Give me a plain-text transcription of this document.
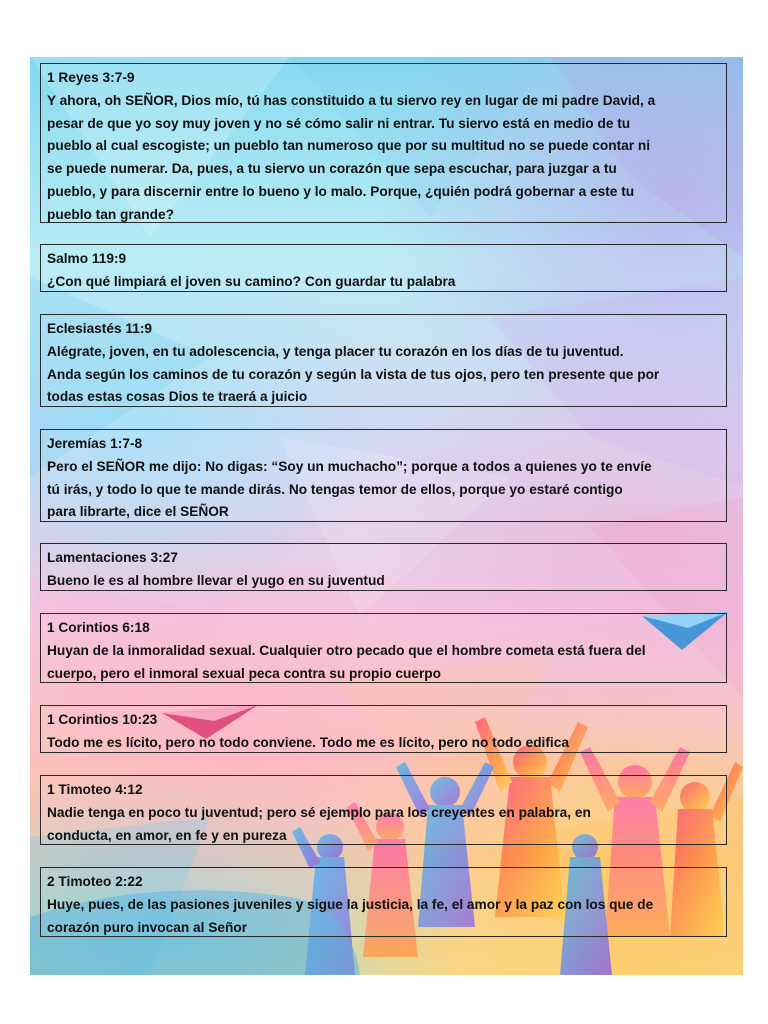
1 Reyes 3:7-9
Y ahora, oh SEÑOR, Dios mío, tú has constituido a tu siervo rey en lugar de mi padre David, a
pesar de que yo soy muy joven y no sé cómo salir ni entrar. Tu siervo está en medio de tu
pueblo al cual escogiste; un pueblo tan numeroso que por su multitud no se puede contar ni
se puede numerar. Da, pues, a tu siervo un corazón que sepa escuchar, para juzgar a tu
pueblo, y para discernir entre lo bueno y lo malo. Porque, ¿quién podrá gobernar a este tu
pueblo tan grande?
Salmo 119:9
¿Con qué limpiará el joven su camino? Con guardar tu palabra
Eclesiastés 11:9
Alégrate, joven, en tu adolescencia, y tenga placer tu corazón en los días de tu juventud.
Anda según los caminos de tu corazón y según la vista de tus ojos, pero ten presente que por
todas estas cosas Dios te traerá a juicio
Jeremías 1:7-8
Pero el SEÑOR me dijo: No digas: “Soy un muchacho”; porque a todos a quienes yo te envíe
tú irás, y todo lo que te mande dirás. No tengas temor de ellos, porque yo estaré contigo
para librarte, dice el SEÑOR
Lamentaciones 3:27
Bueno le es al hombre llevar el yugo en su juventud
1 Corintios 6:18
Huyan de la inmoralidad sexual. Cualquier otro pecado que el hombre cometa está fuera del
cuerpo, pero el inmoral sexual peca contra su propio cuerpo
1 Corintios 10:23
Todo me es lícito, pero no todo conviene. Todo me es lícito, pero no todo edifica
1 Timoteo 4:12
Nadie tenga en poco tu juventud; pero sé ejemplo para los creyentes en palabra, en
conducta, en amor, en fe y en pureza
2 Timoteo 2:22
Huye, pues, de las pasiones juveniles y sigue la justicia, la fe, el amor y la paz con los que de
corazón puro invocan al Señor
